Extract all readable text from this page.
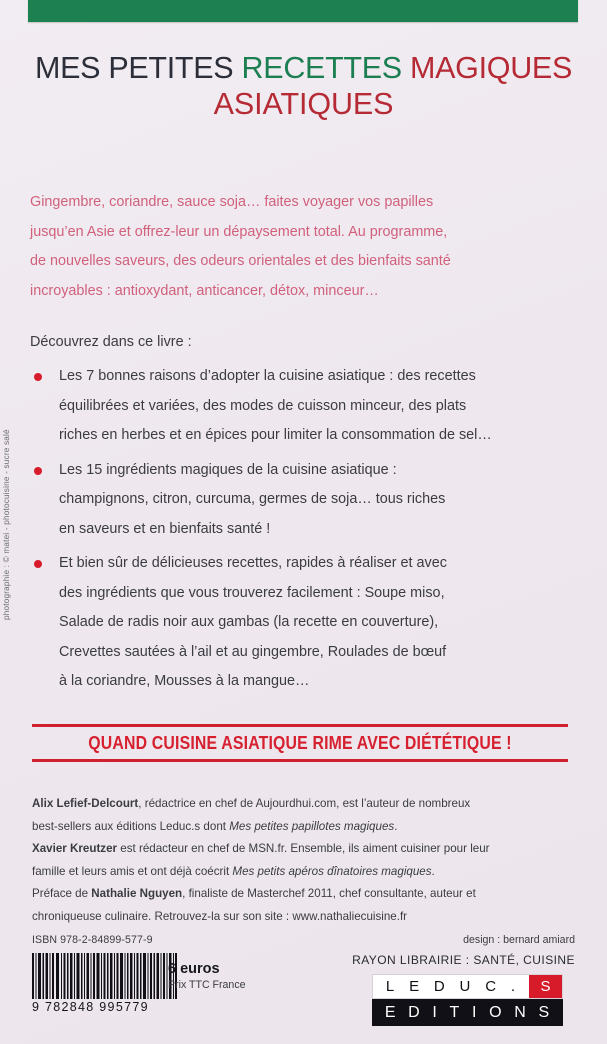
MES PETITES RECETTES MAGIQUES
ASIATIQUES
Gingembre, coriandre, sauce soja… faites voyager vos papilles
jusqu’en Asie et offrez-leur un dépaysement total. Au programme,
de nouvelles saveurs, des odeurs orientales et des bienfaits santé
incroyables : antioxydant, anticancer, détox, minceur…
Découvrez dans ce livre :

Les 7 bonnes raisons d’adopter la cuisine asiatique : des recettes

équilibrées et variées, des modes de cuisson minceur, des plats

riches en herbes et en épices pour limiter la consommation de sel…

Les 15 ingrédients magiques de la cuisine asiatique :

champignons, citron, curcuma, germes de soja… tous riches

en saveurs et en bienfaits santé !

Et bien sûr de délicieuses recettes, rapides à réaliser et avec

des ingrédients que vous trouverez facilement : Soupe miso,

Salade de radis noir aux gambas (la recette en couverture),

Crevettes sautées à l’ail et au gingembre, Roulades de bœuf

à la coriandre, Mousses à la mangue…

QUAND CUISINE ASIATIQUE RIME AVEC DIÉTÉTIQUE !

Alix Lefief-Delcourt, rédactrice en chef de Aujourdhui.com, est l’auteur de nombreux

best-sellers aux éditions Leduc.s dont Mes petites papillotes magiques.

Xavier Kreutzer est rédacteur en chef de MSN.fr. Ensemble, ils aiment cuisiner pour leur

famille et leurs amis et ont déjà coécrit Mes petits apéros dînatoires magiques.

Préface de Nathalie Nguyen, finaliste de Masterchef 2011, chef consultante, auteur et

chroniqueuse culinaire. Retrouvez-la sur son site : www.nathaliecuisine.fr

ISBN 978-2-84899-577-9
9 782848 995779
6 euros
Prix TTC France
design : bernard amiard
RAYON LIBRAIRIE : SANTÉ, CUISINE
L E D U C .	S
E D I T I O N S
photographie : © matei - photocuisine - sucre salé
